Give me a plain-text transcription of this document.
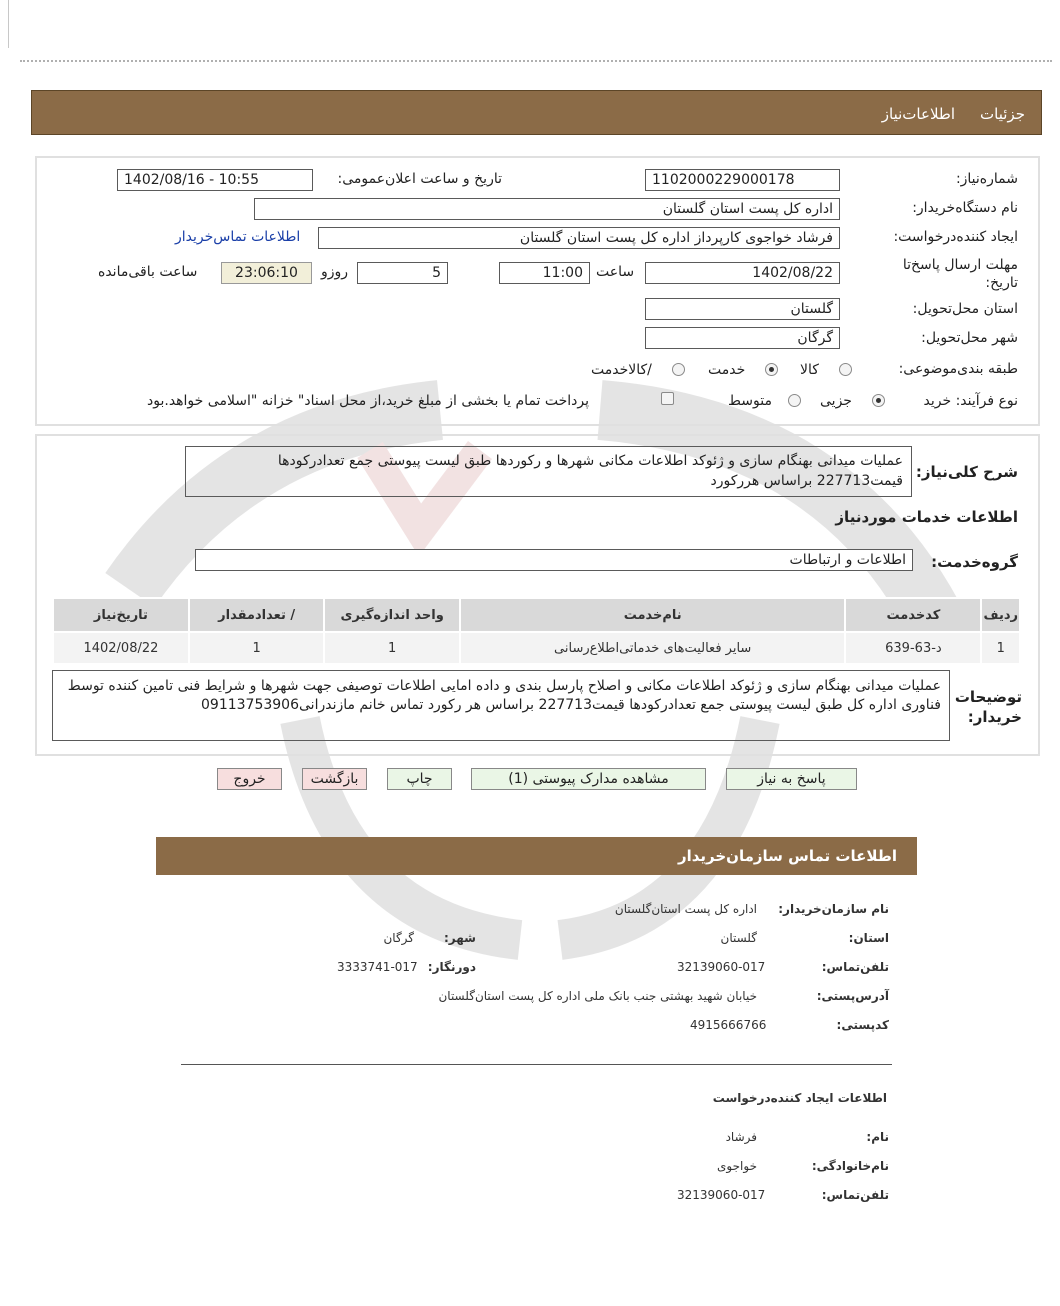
جزئیات
اطلاعات‌نیاز
شماره‌نیاز:
1102000229000178
تاریخ و ساعت اعلان‌عمومی:
1402/08/16 - 10:55
نام دستگاه‌خریدار:
اداره کل پست استان گلستان
ایجاد کننده‌درخواست:
فرشاد خواجوی کارپرداز اداره کل پست استان گلستان
اطلاعات تماس‌خریدار
مهلت ارسال پاسخ‌تا تاریخ:
1402/08/22
ساعت
11:00
5
روزو
23:06:10
ساعت باقی‌مانده
استان محل‌تحویل:
گلستان
شهر محل‌تحویل:
گرگان
طبقه بندی‌موضوعی:
کالا
خدمت
/کالاخدمت
نوع فرآیند: خرید
جزیی
متوسط
پرداخت تمام یا بخشی از مبلغ خرید،از محل اسناد" خزانه "اسلامی خواهد.بود
شرح کلی‌نیاز:
عملیات میدانی بهنگام سازی و ژئوکد اطلاعات مکانی شهرها و رکوردها طبق لیست پیوستی جمع تعدادرکودها قیمت227713 براساس هررکورد
اطلاعات خدمات موردنیاز
گروه‌خدمت:
اطلاعات و ارتباطات
ردیف	کدخدمت	نام‌خدمت	واحد اندازه‌گیری	/ تعدادمقدار	تاریخ‌نیاز
1	د-63-639	سایر فعالیت‌های خدماتی‌اطلاع‌رسانی	1	1	1402/08/22
توضیحات خریدار:
عملیات میدانی بهنگام سازی و ژئوکد اطلاعات مکانی و اصلاح پارسل بندی و داده امایی اطلاعات توصیفی جهت شهرها و شرایط فنی تامین کننده توسط فناوری اداره کل طبق لیست پیوستی جمع تعدادرکودها قیمت227713 براساس هر رکورد تماس خانم مازندرانی09113753906
پاسخ به نیاز
مشاهده مدارک پیوستی (1)
چاپ
بازگشت
خروج
اطلاعات تماس سازمان‌خریدار
نام سازمان‌خریدار:
اداره کل پست استان‌گلستان
استان:
گلستان
شهر:
گرگان
تلفن‌تماس:
32139060-017
دورنگار:
3333741-017
آدرس‌پستی:
خیابان شهید بهشتی جنب بانک ملی اداره کل پست استان‌گلستان
کدپستی:
4915666766
اطلاعات ایجاد کننده‌درخواست
نام:
فرشاد
نام‌خانوادگی:
خواجوی
تلفن‌تماس:
32139060-017
